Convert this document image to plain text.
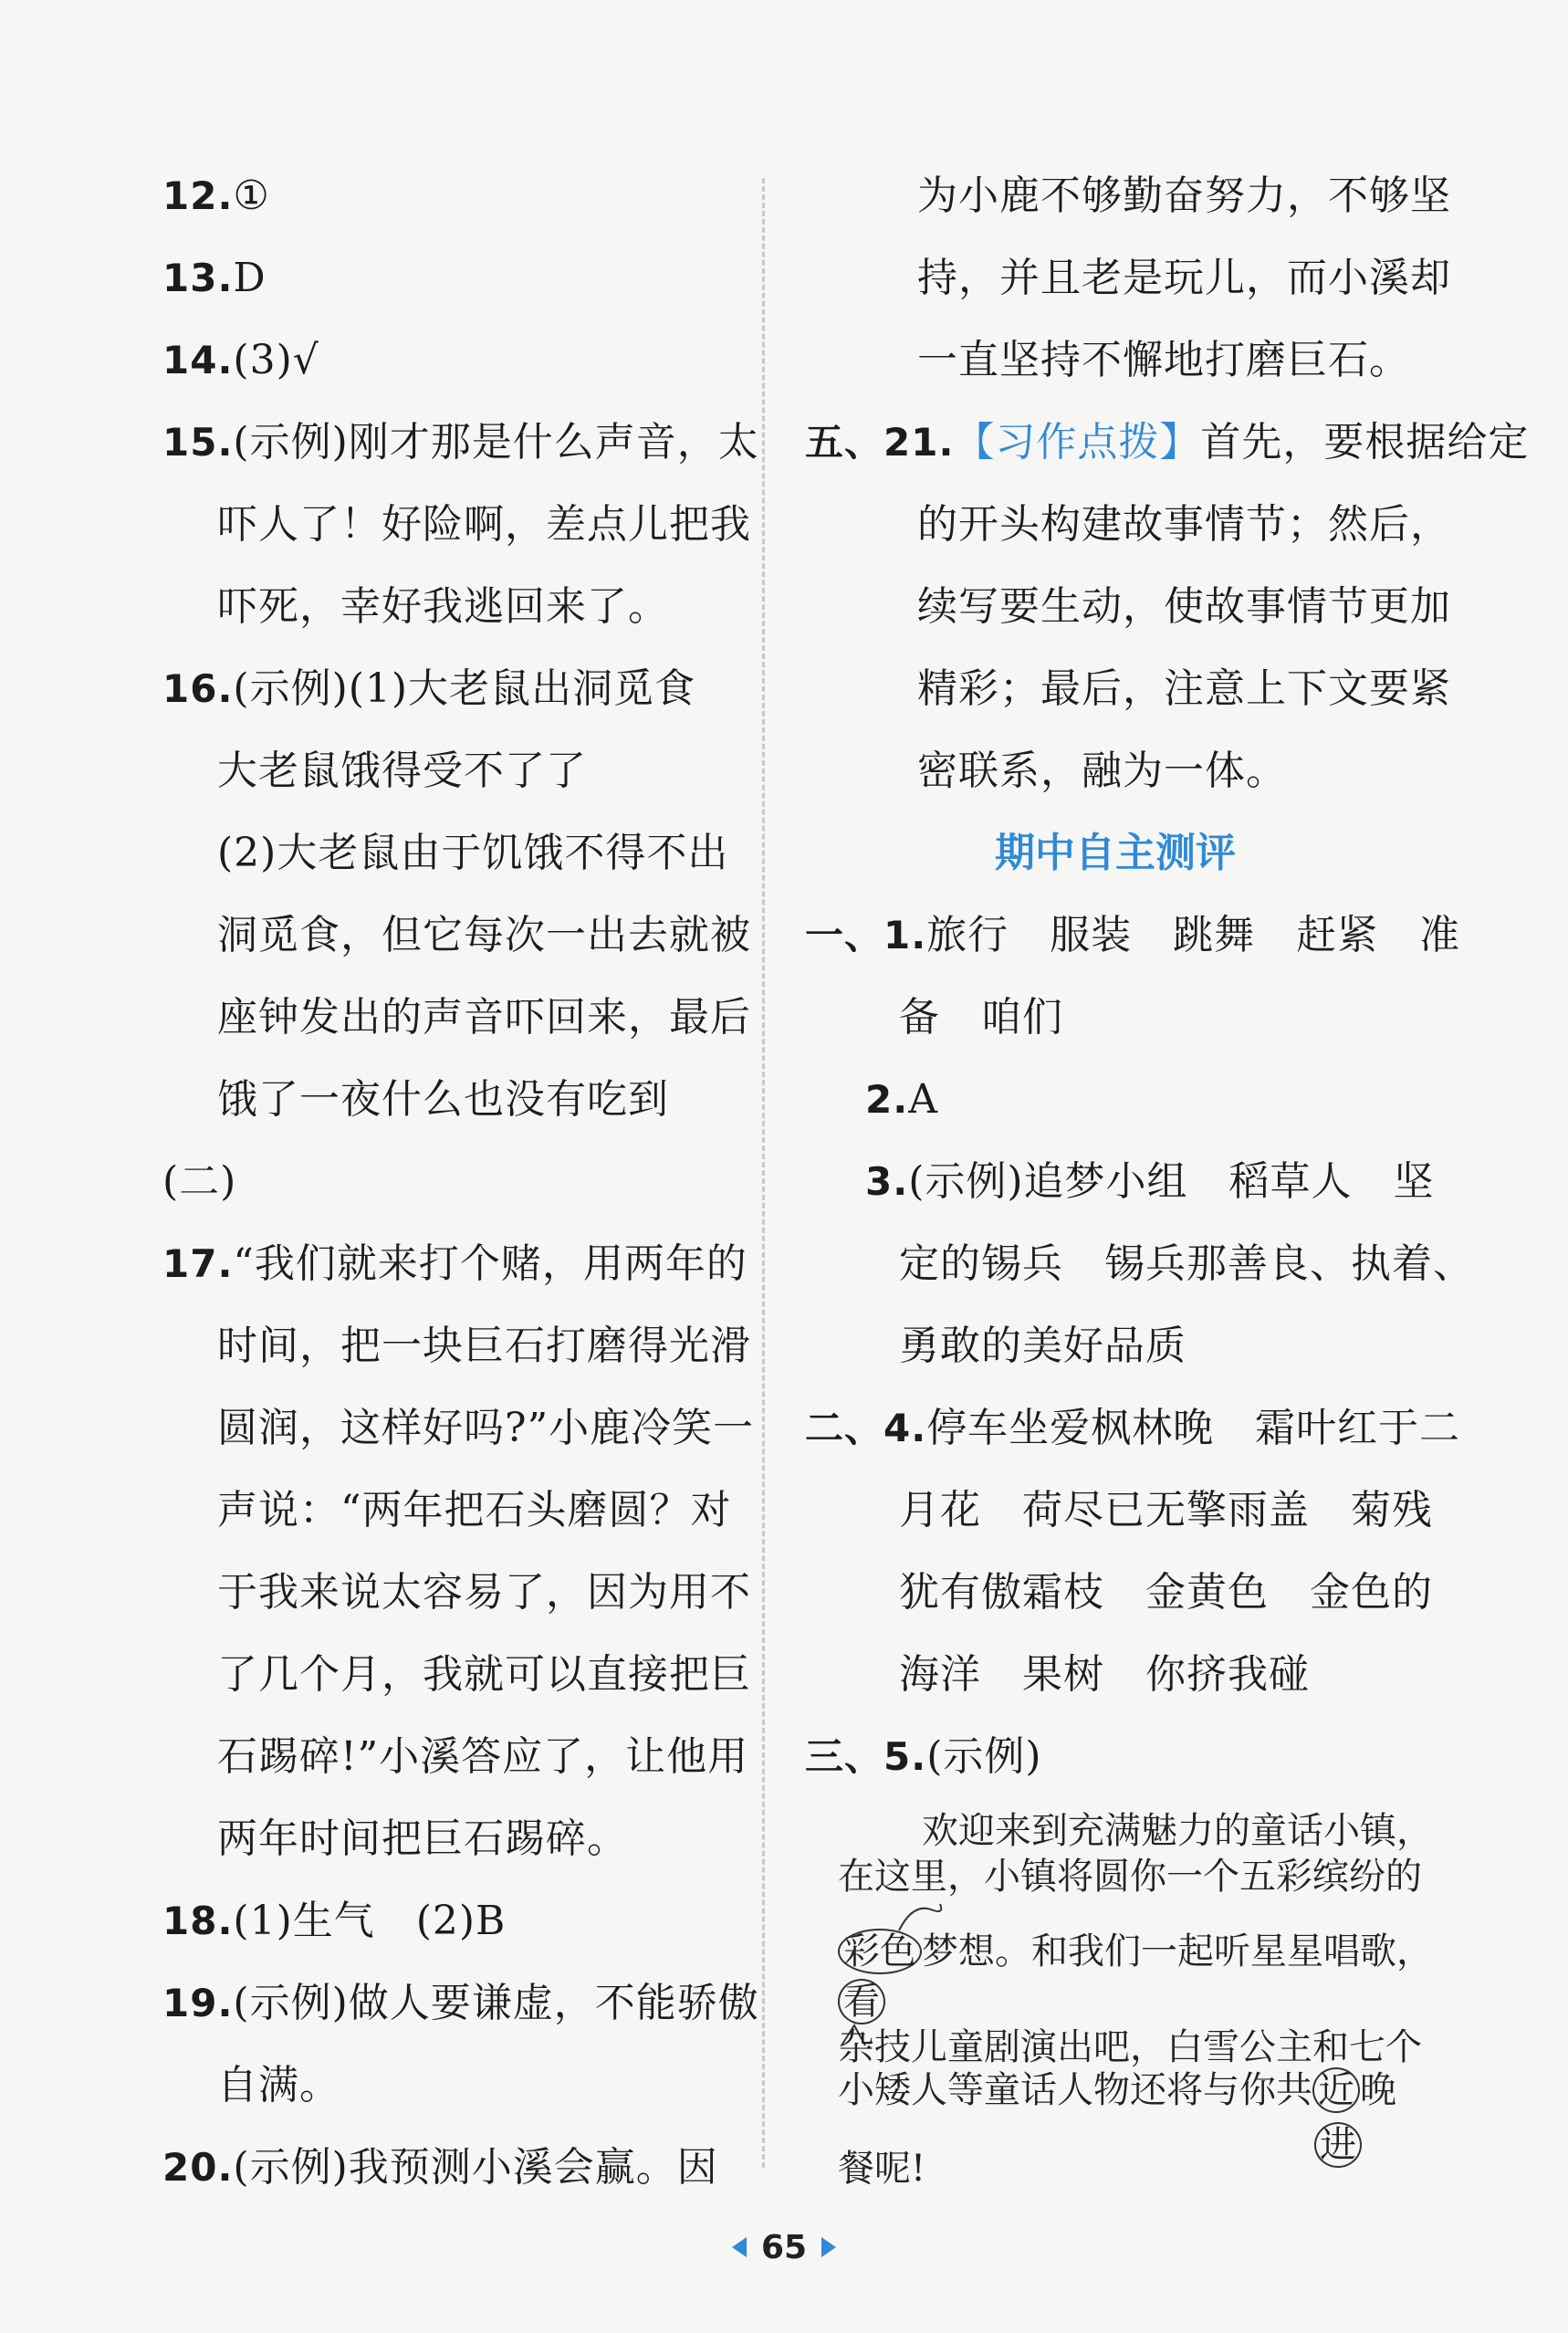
12.①
13.D
14.(3)√
15.(示例)刚才那是什么声音，太
吓人了！好险啊，差点儿把我
吓死，幸好我逃回来了。
16.(示例)(1)大老鼠出洞觅食
大老鼠饿得受不了了
(2)大老鼠由于饥饿不得不出
洞觅食，但它每次一出去就被
座钟发出的声音吓回来，最后
饿了一夜什么也没有吃到
(二)
17.“我们就来打个赌，用两年的
时间，把一块巨石打磨得光滑
圆润，这样好吗?”小鹿冷笑一
声说：“两年把石头磨圆？对
于我来说太容易了，因为用不
了几个月，我就可以直接把巨
石踢碎!”小溪答应了，让他用
两年时间把巨石踢碎。
18.(1)生气　(2)B
19.(示例)做人要谦虚，不能骄傲
自满。
20.(示例)我预测小溪会赢。因
为小鹿不够勤奋努力，不够坚
持，并且老是玩儿，而小溪却
一直坚持不懈地打磨巨石。
五、21.【习作点拨】首先，要根据给定
的开头构建故事情节；然后，
续写要生动，使故事情节更加
精彩；最后，注意上下文要紧
密联系，融为一体。
期中自主测评
一、1.旅行　服装　跳舞　赶紧　准
备　咱们
2.A
3.(示例)追梦小组　稻草人　坚
定的锡兵　锡兵那善良、执着、
勇敢的美好品质
二、4.停车坐爱枫林晚　霜叶红于二
月花　荷尽已无擎雨盖　菊残
犹有傲霜枝　金黄色　金色的
海洋　果树　你挤我碰
三、5.(示例)
欢迎来到充满魅力的童话小镇，
在这里，小镇将圆你一个五彩缤纷的
彩色 梦想。和我们一起听星星唱歌，
看
杂技儿童剧演出吧，白雪公主和七个
小矮人等童话人物还将与你共 近 晚
进
餐呢!
65
